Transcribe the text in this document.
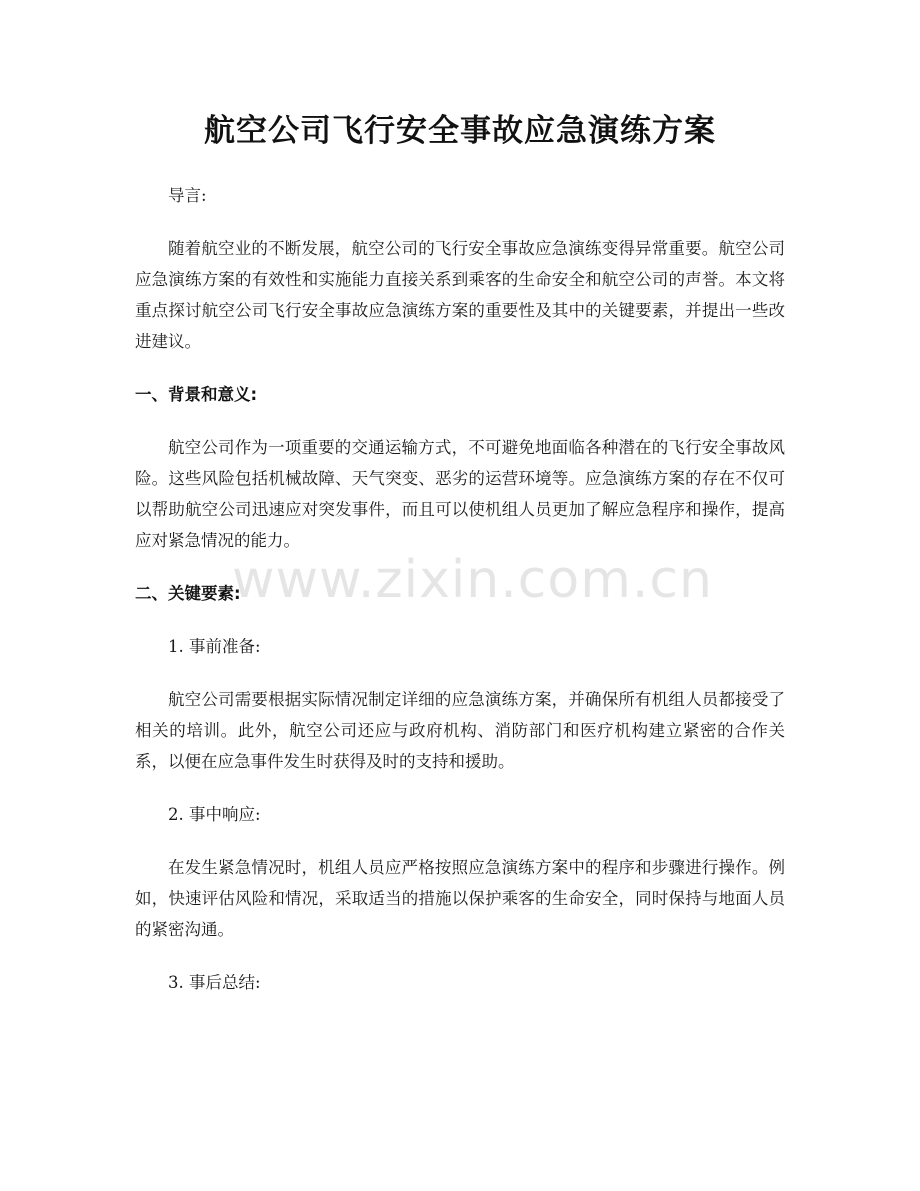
航空公司飞行安全事故应急演练方案

导言:

随着航空业的不断发展，航空公司的飞行安全事故应急演练变得异常重要。航空公司应急演练方案的有效性和实施能力直接关系到乘客的生命安全和航空公司的声誉。本文将重点探讨航空公司飞行安全事故应急演练方案的重要性及其中的关键要素，并提出一些改进建议。

一、背景和意义:

航空公司作为一项重要的交通运输方式，不可避免地面临各种潜在的飞行安全事故风险。这些风险包括机械故障、天气突变、恶劣的运营环境等。应急演练方案的存在不仅可以帮助航空公司迅速应对突发事件，而且可以使机组人员更加了解应急程序和操作，提高应对紧急情况的能力。

二、关键要素:

1. 事前准备:

航空公司需要根据实际情况制定详细的应急演练方案，并确保所有机组人员都接受了相关的培训。此外，航空公司还应与政府机构、消防部门和医疗机构建立紧密的合作关系，以便在应急事件发生时获得及时的支持和援助。

2. 事中响应:

在发生紧急情况时，机组人员应严格按照应急演练方案中的程序和步骤进行操作。例如，快速评估风险和情况，采取适当的措施以保护乘客的生命安全，同时保持与地面人员的紧密沟通。

3. 事后总结:

www.zixin.com.cn
